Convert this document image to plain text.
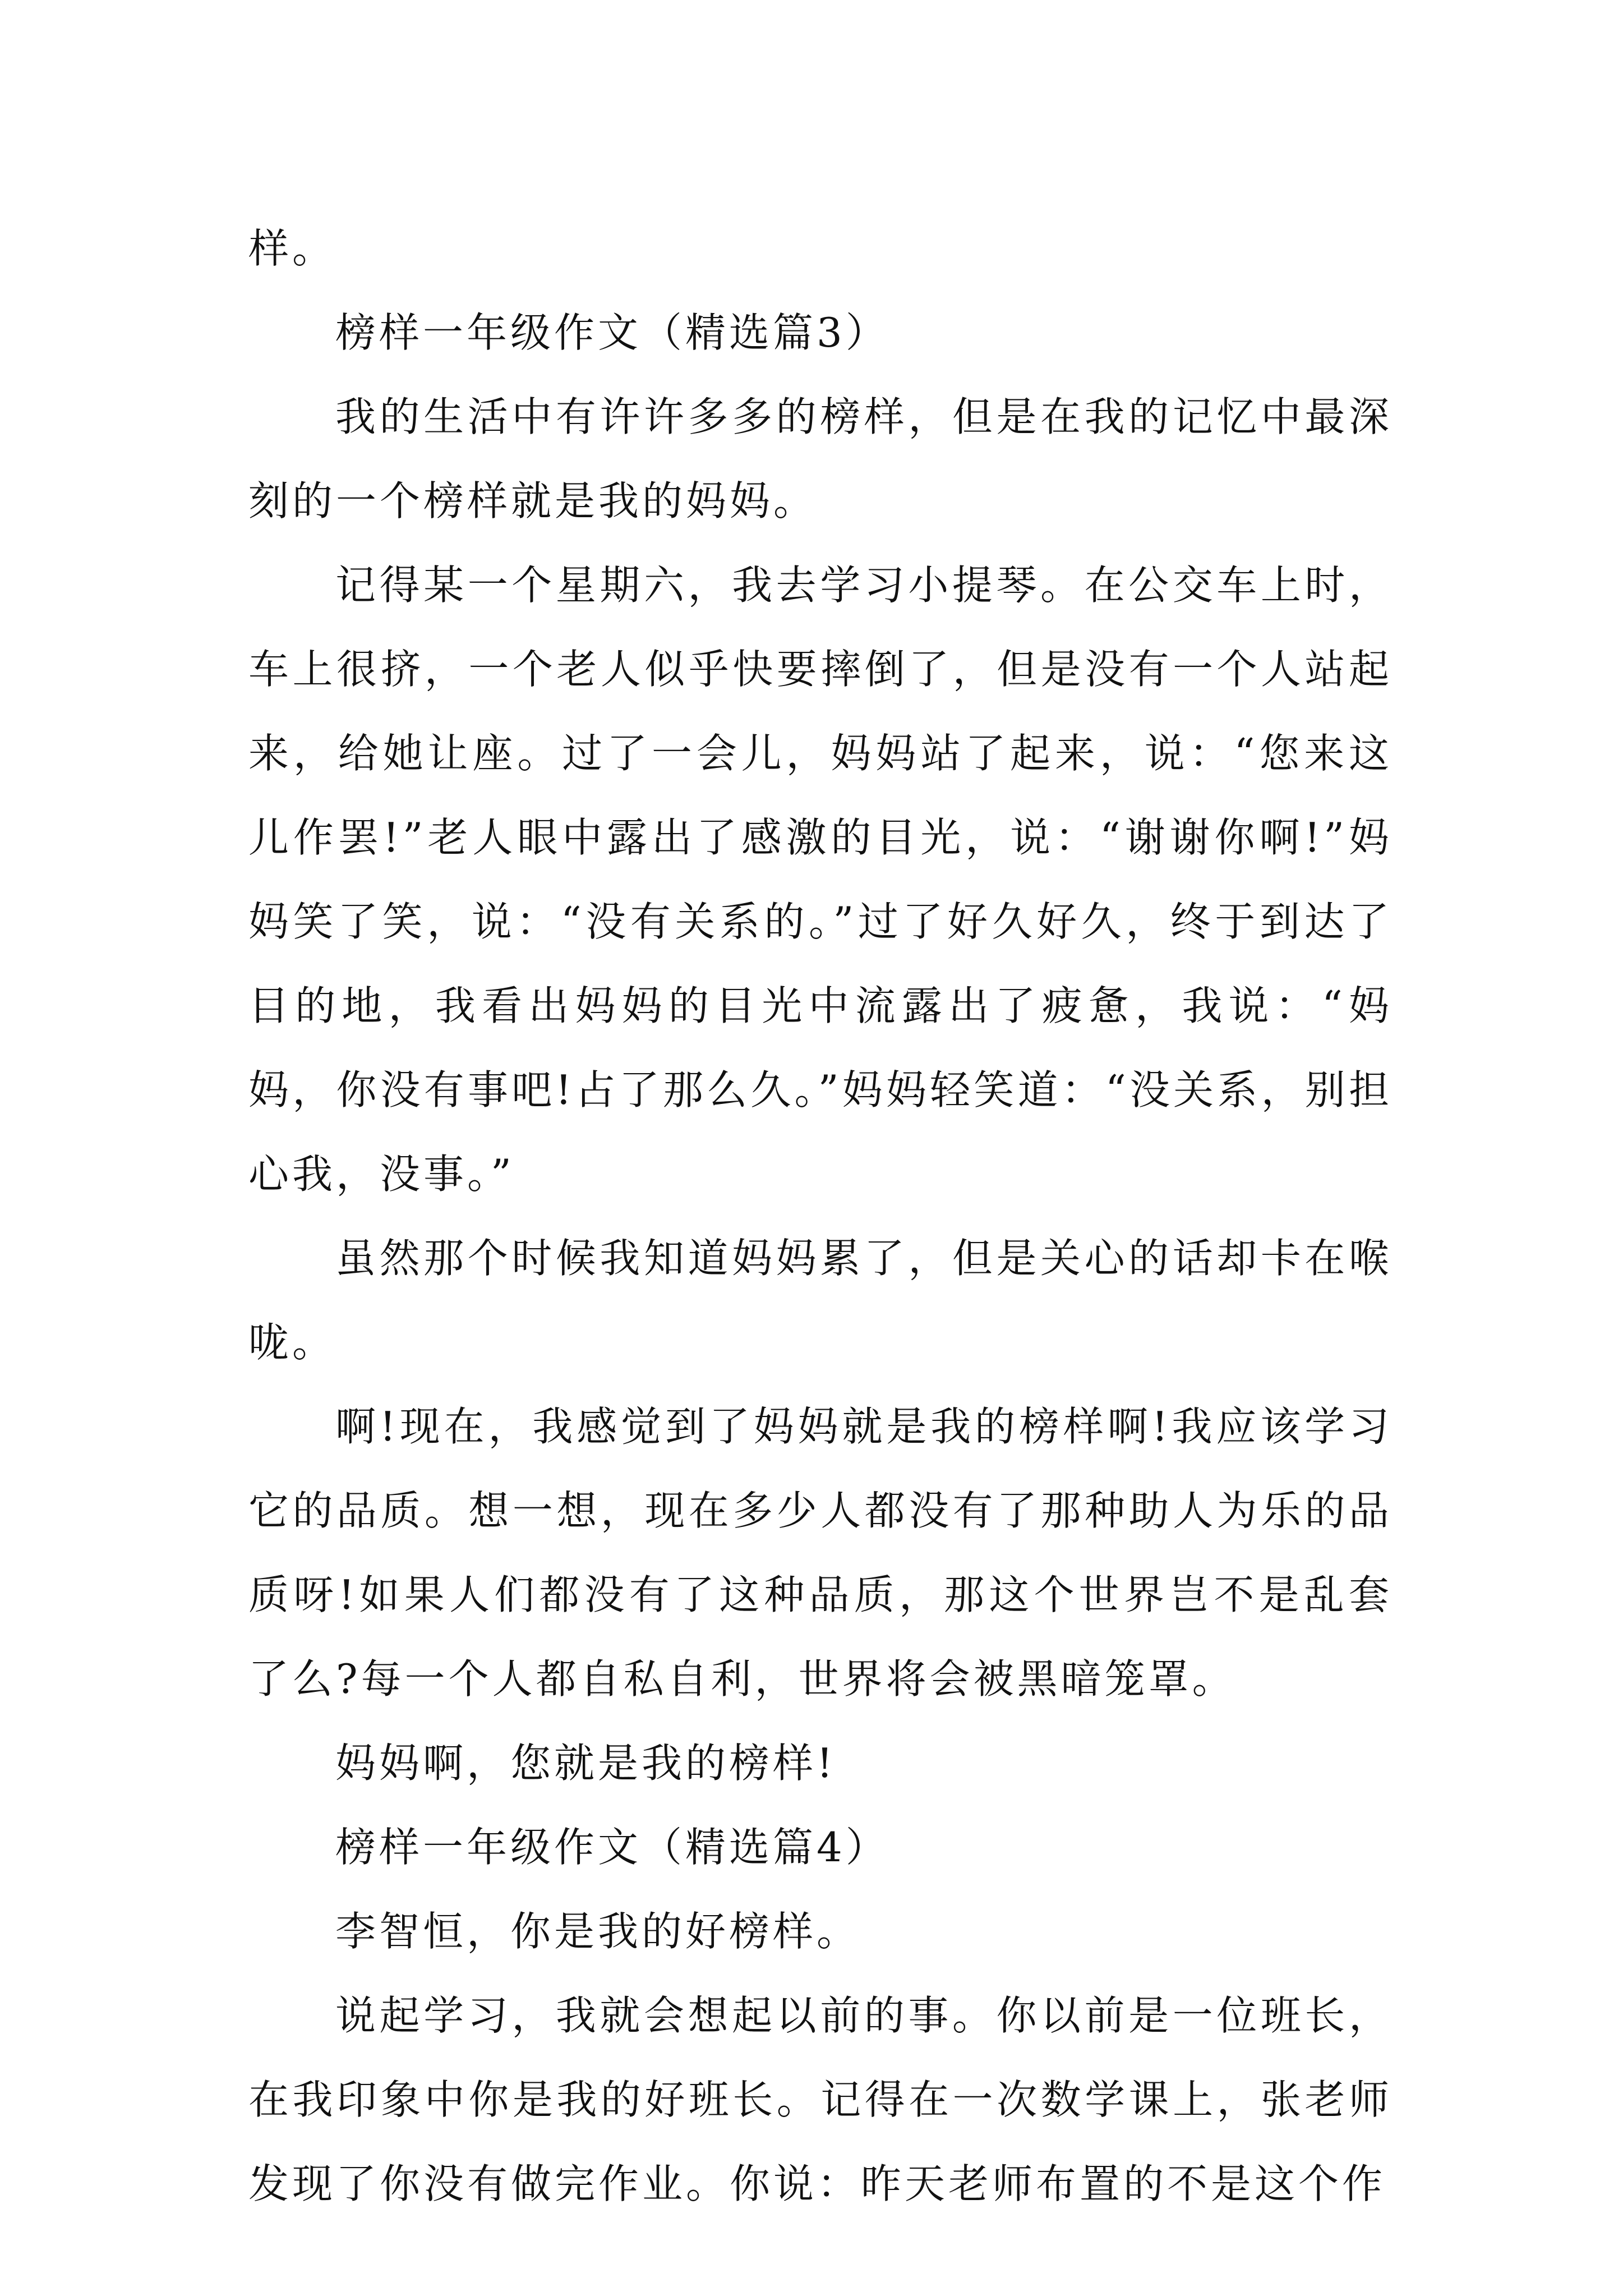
样。

榜样一年级作文（精选篇3）

我的生活中有许许多多的榜样，但是在我的记忆中最深刻的一个榜样就是我的妈妈。

记得某一个星期六，我去学习小提琴。在公交车上时，车上很挤，一个老人似乎快要摔倒了，但是没有一个人站起来，给她让座。过了一会儿，妈妈站了起来，说：“您来这儿作罢!”老人眼中露出了感激的目光，说：“谢谢你啊!”妈妈笑了笑，说：“没有关系的。”过了好久好久，终于到达了目的地，我看出妈妈的目光中流露出了疲惫，我说：“妈妈，你没有事吧!占了那么久。”妈妈轻笑道：“没关系，别担心我，没事。”

虽然那个时候我知道妈妈累了，但是关心的话却卡在喉咙。

啊!现在，我感觉到了妈妈就是我的榜样啊!我应该学习它的品质。想一想，现在多少人都没有了那种助人为乐的品质呀!如果人们都没有了这种品质，那这个世界岂不是乱套了么?每一个人都自私自利，世界将会被黑暗笼罩。

妈妈啊，您就是我的榜样!

榜样一年级作文（精选篇4）

李智恒，你是我的好榜样。

说起学习，我就会想起以前的事。你以前是一位班长，在我印象中你是我的好班长。记得在一次数学课上，张老师发现了你没有做完作业。你说：昨天老师布置的不是这个作
